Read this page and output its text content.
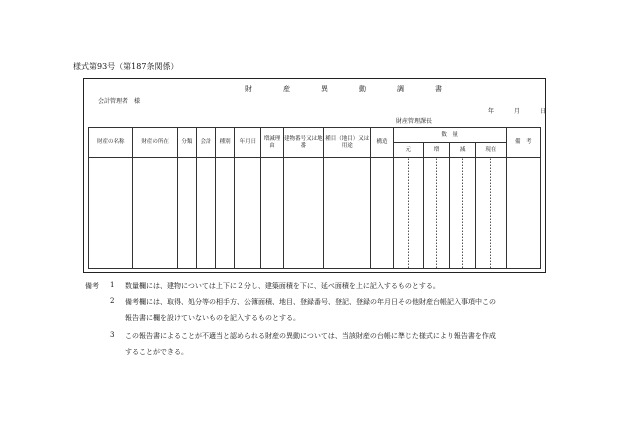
様式第93号（第187条関係）
財　産　異　動　調　書
会計管理者　様
年	月	日
財産管理課長
財産の名称	財産の所在	分類	会計	種別	年月日	増減理由	建物番号又は地番	種目（地目）又は用途	構造	数　量				備　考
										元	増	減	現在	

備考 1 数量欄には、建物については上下に２分し、建築面積を下に、延べ面積を上に記入するものとする。
2 備考欄には、取得、処分等の相手方、公簿面積、地目、登録番号、登記、登録の年月日その他財産台帳記入事項中この
報告書に欄を設けていないものを記入するものとする。
3 この報告書によることが不適当と認められる財産の異動については、当該財産の台帳に準じた様式により報告書を作成
することができる。
